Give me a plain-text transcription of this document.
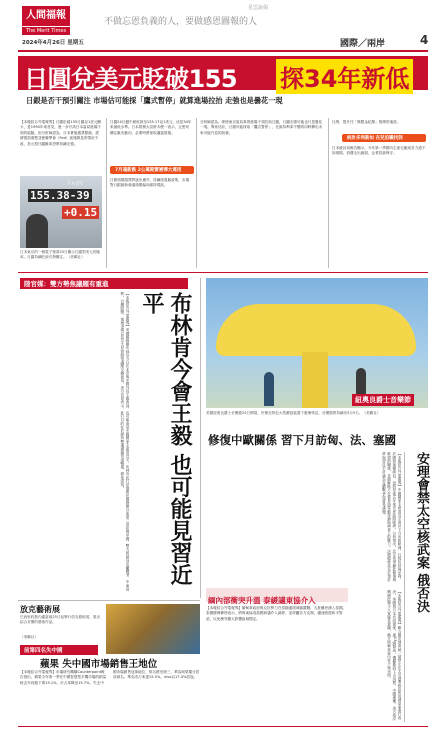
人間福報
The Merit Times
2024年4月26日 星期五
星雲說偈
不做忘恩負義的人，要做感恩圖報的人
國際／兩岸	4
日圓兌美元貶破155 探34年新低
日銀是否干預引關注 市場估可能採「鷹式暫停」就算進場拉抬 走強也是曇花一現
【本報綜合外電報導】日圓貶破155日圓兌1美元關卡，是1990年來首見，進一步升高日本當局進場干預的風險。但分析師認為，日本實施通貨緊縮，經濟強勁復甦並使聯準會（Fed）延後降息的情況不改，美元對日圓匯率恐將持續走強。
ドル/円
155.38-39
+0.15
日本東京的一個電子螢幕25日顯示日圓對美元的匯率。日圓持續貶值引發關注。（美聯社）
日圓24日盤中最低探至155.17兌1美元，這是34年來最低水準。日本財務大臣鈴木俊一表示，正密切關注匯市動向，必要時將採取適當措施。
7月魂新跌 2公萬期實補彈大連用
日銀預期超貨將逐步邁升，持續採寬鬆政策，市場對日銀最新會議預期偏向維持現狀。
分析師認為，即使東京當局真的進場干預拉抬日圓，日圓走強可能也只是曇花一現。專家估計，日銀可能採取「鷹式暫停」，在維持利率不變的同時釋出未來可能升息的訊號。
比例，提升任「無限金紀錄」推測的速度。
統計多利新如 在兒泊職找到
日本統計局報告顯示，今年第一季國內生產毛額成長力道不如預期，消費支出疲弱，企業投資保守。
陸官媒：雙方勢焦議題有重進
【本報綜合外電報導】美國國務卿布林肯今日在北京與中國外長王毅會談，也可能會見中國國家主席習近平。布林肯此行是他擔任國務卿以來第二度訪問中國，雙方將就烏克蘭戰爭、中東局勢、台灣問題、南海爭端以及芬太尼管制等議題交換意見。美方官員表示，此行目的在於維持雙邊溝通管道暢通，避免誤判。	布林肯今會王毅 也可能見習近平
紐奧良爵士音樂節
美國紐奧良爵士音樂節25日開幕，民眾在特色大型蘑菇裝置下避暑休息，音樂節將持續至5月5日。（美聯社）
修復中歐關係 習下月訪匈、法、塞國
【本報綜合外電報導】中國國家主席習近平預計下月出訪歐洲，行程包括匈牙利、法國和塞爾維亞，這將是他五年來首度訪問歐洲。分析指出，北京希望藉此修復與歐盟的關係，並緩解歐方在貿易與電動車補貼調查上的壓力。法國總統馬克宏預計將與習近平討論烏克蘭戰爭與貿易議題。	安理會禁太空核武案 俄否決
【本報綜合外電報導】聯合國安理會就一項禁止在太空部署核武的決議草案進行表決，美國與日本共同提案，獲13國贊成，俄羅斯投下否決票，中國棄權。美方批評俄國此舉令人質疑其意圖，俄方則稱草案內容不夠全面。
緬內部衝突升溫 泰緩議東協介入
【本報綜合外電報導】緬甸軍政府與反抗勢力在泰緬邊境城鎮激戰，大批難民湧入泰國。泰國總理賽塔表示，將與東協成員國研議介入調停，並呼籲各方克制，儘速恢復和平對話，以免衝突擴大影響區域穩定。
放克藝術展
巴西里約熱內盧當地25日起舉行放克藝術展，展出結合音樂的藝術作品。
（美聯社）
前第四名失中國
蘋果 失中國市場銷售王地位
【本報綜合外電報導】市場研究機構Counterpoint報告指出，蘋果今年第一季在中國智慧型手機市場的銷量較去年同期下滑19.1%，市占率降至15.7%，失去中國市場銷售冠軍地位，排名跌至第三，華為與榮耀分居前兩名。華為市占率達15.5%，vivo以17.4%居冠。
